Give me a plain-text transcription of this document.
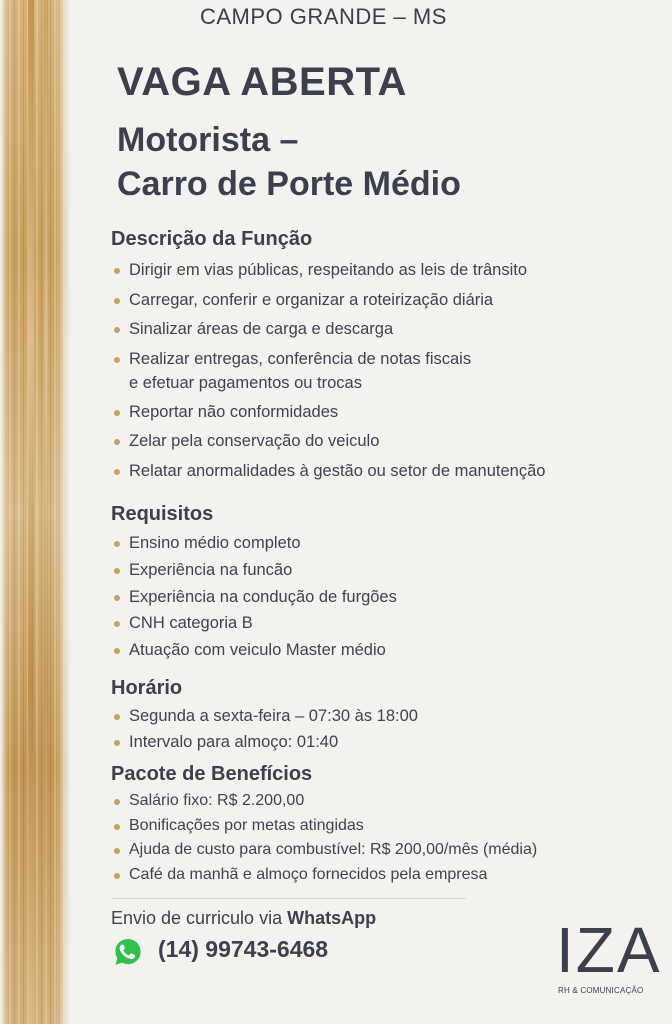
CAMPO GRANDE – MS
VAGA ABERTA
Motorista –
Carro de Porte Médio
Descrição da Função
Dirigir em vias públicas, respeitando as leis de trânsito
Carregar, conferir e organizar a roteirização diária
Sinalizar áreas de carga e descarga
Realizar entregas, conferência de notas fiscais
e efetuar pagamentos ou trocas
Reportar não conformidades
Zelar pela conservação do veiculo
Relatar anormalidades à gestão ou setor de manutenção
Requisitos
Ensino médio completo
Experiência na funcão
Experiência na condução de furgões
CNH categoria B
Atuação com veiculo Master médio
Horário
Segunda a sexta-feira – 07:30 às 18:00
Intervalo para almoço: 01:40
Pacote de Benefícios
Salário fixo: R$ 2.200,00
Bonificações por metas atingidas
Ajuda de custo para combustível: R$ 200,00/mês (média)
Café da manhã e almoço fornecidos pela empresa
Envio de curriculo via WhatsApp
(14) 99743-6468	IZA
RH & COMUNICAÇÃO
